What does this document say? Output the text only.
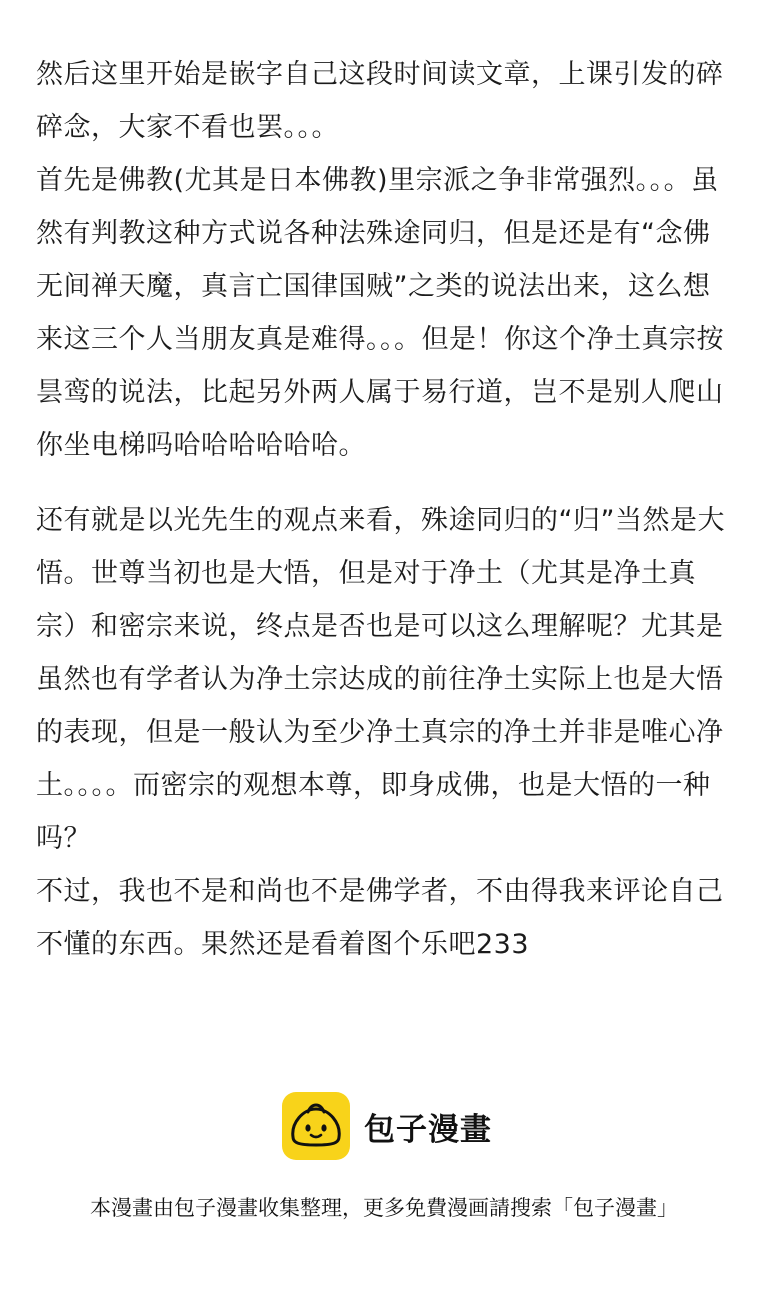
然后这里开始是嵌字自己这段时间读文章，上课引发的碎碎念，大家不看也罢。。。

首先是佛教(尤其是日本佛教)里宗派之争非常强烈。。。虽然有判教这种方式说各种法殊途同归，但是还是有“念佛无间禅天魔，真言亡国律国贼”之类的说法出来，这么想来这三个人当朋友真是难得。。。但是！你这个净土真宗按昙鸾的说法，比起另外两人属于易行道，岂不是别人爬山你坐电梯吗哈哈哈哈哈哈。

还有就是以光先生的观点来看，殊途同归的“归”当然是大悟。世尊当初也是大悟，但是对于净土（尤其是净土真宗）和密宗来说，终点是否也是可以这么理解呢？尤其是虽然也有学者认为净土宗达成的前往净土实际上也是大悟的表现，但是一般认为至少净土真宗的净土并非是唯心净土。。。。而密宗的观想本尊，即身成佛，也是大悟的一种吗？

不过，我也不是和尚也不是佛学者，不由得我来评论自己不懂的东西。果然还是看着图个乐吧233

包子漫畫
本漫畫由包子漫畫收集整理，更多免費漫画請搜索「包子漫畫」
